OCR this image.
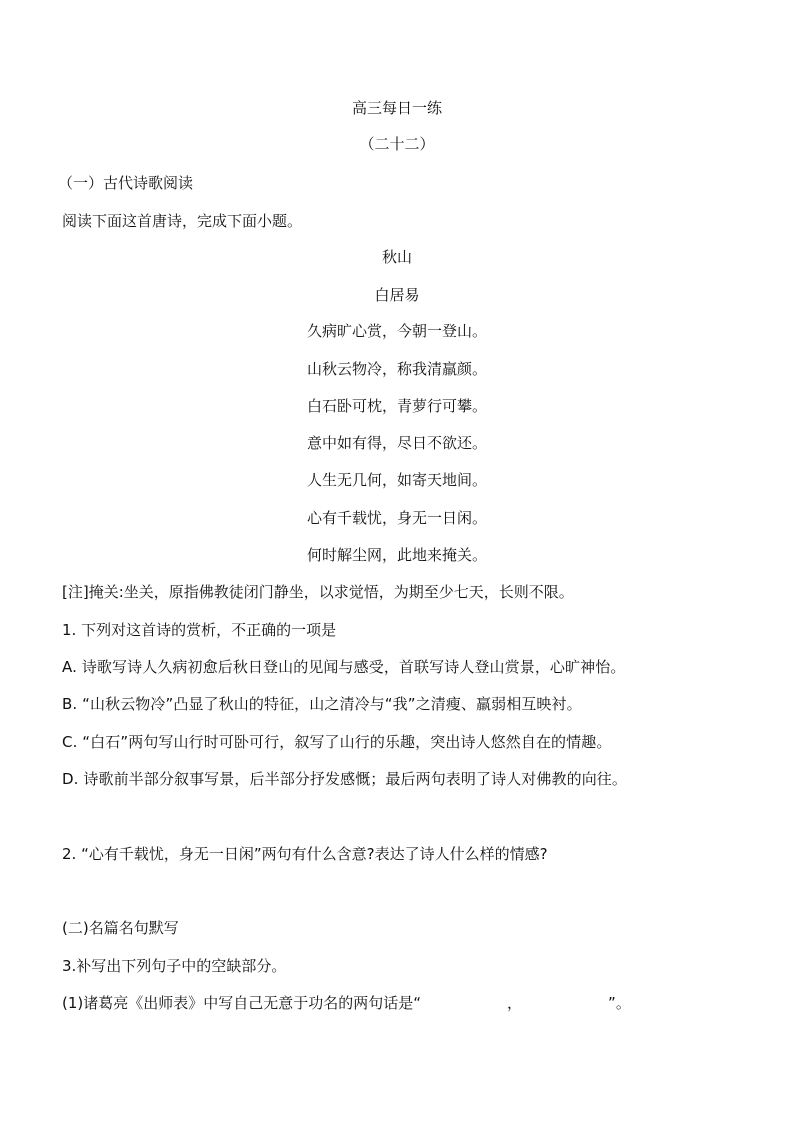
高三每日一练
（二十二）
（一）古代诗歌阅读
阅读下面这首唐诗，完成下面小题。
秋山
白居易
久病旷心赏，今朝一登山。
山秋云物冷，称我清羸颜。
白石卧可枕，青萝行可攀。
意中如有得，尽日不欲还。
人生无几何，如寄天地间。
心有千载忧，身无一日闲。
何时解尘网，此地来掩关。
[注]掩关:坐关，原指佛教徒闭门静坐，以求觉悟，为期至少七天，长则不限。
1. 下列对这首诗的赏析，不正确的一项是
A. 诗歌写诗人久病初愈后秋日登山的见闻与感受，首联写诗人登山赏景，心旷神怡。
B. “山秋云物冷”凸显了秋山的特征，山之清冷与“我”之清瘦、羸弱相互映衬。
C. “白石”两句写山行时可卧可行，叙写了山行的乐趣，突出诗人悠然自在的情趣。
D. 诗歌前半部分叙事写景，后半部分抒发感慨；最后两句表明了诗人对佛教的向往。
2. “心有千载忧，身无一日闲”两句有什么含意?表达了诗人什么样的情感?
(二)名篇名句默写
3.补写出下列句子中的空缺部分。
(1)诸葛亮《出师表》中写自己无意于功名的两句话是“	，	”。
